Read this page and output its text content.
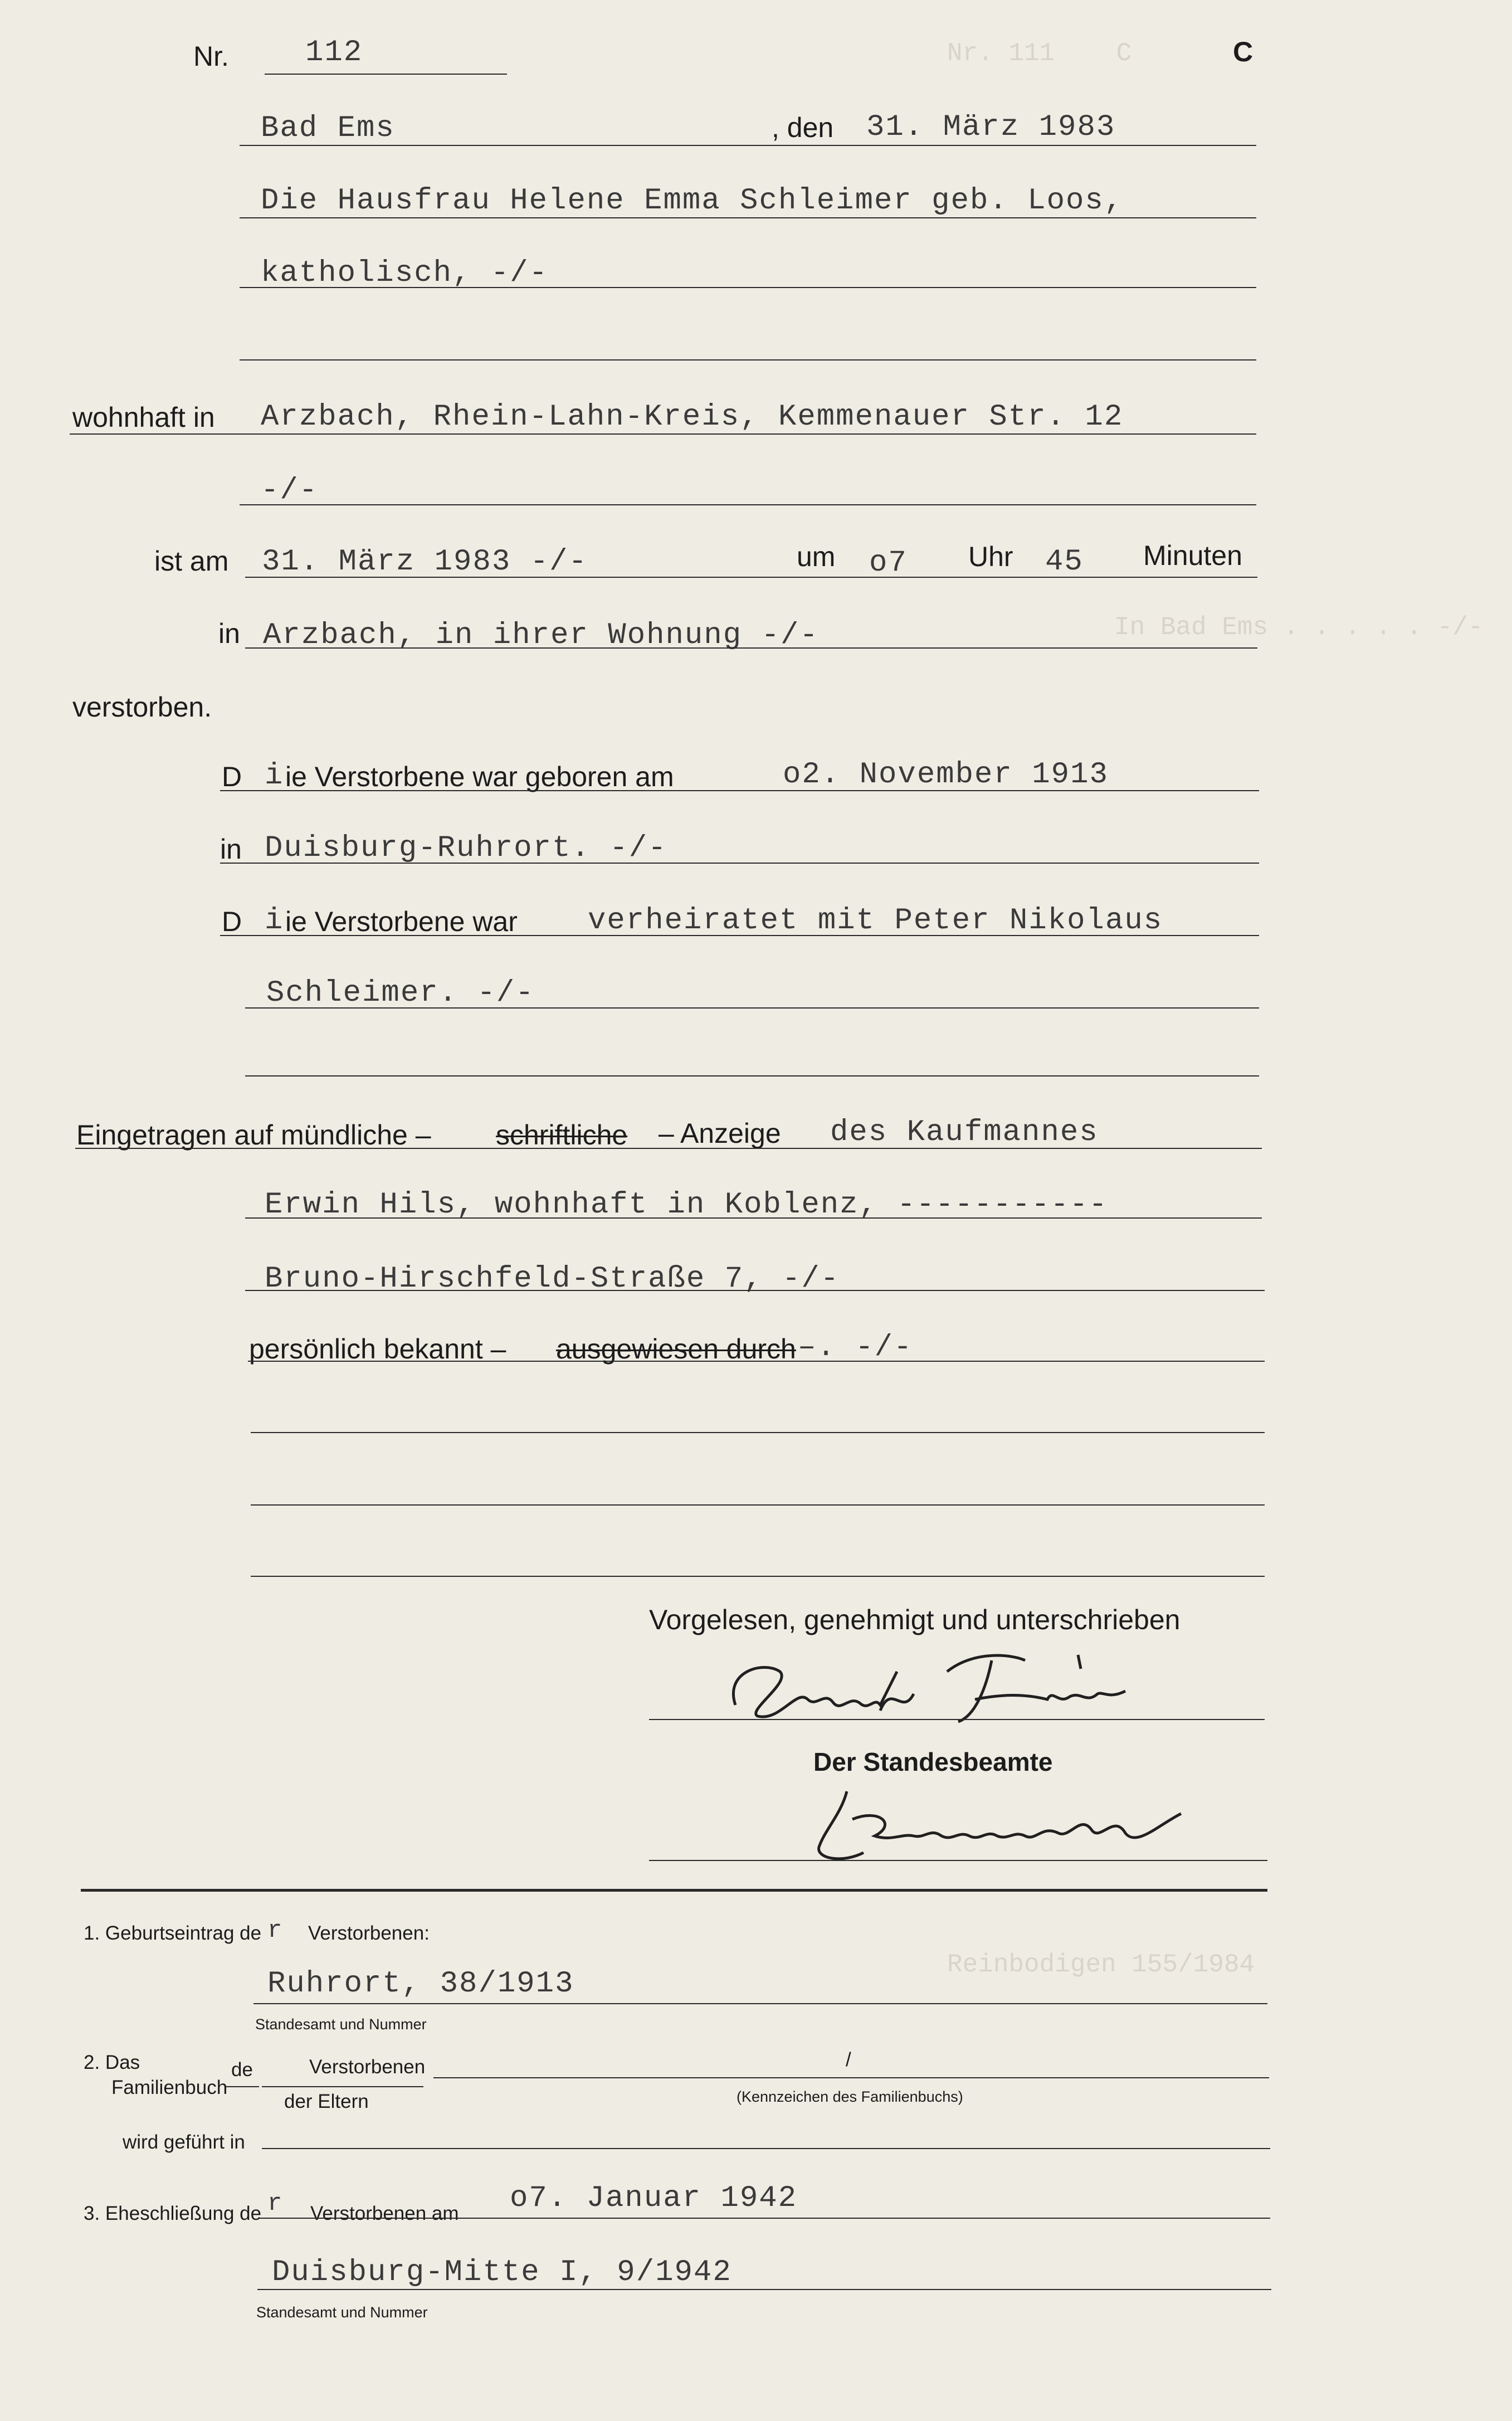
Nr. 111    C
In Bad Ems . . . . . -/-
Reinbodigen 155/1984
Nr.	112	C
Bad Ems	, den 31. März 1983
Die Hausfrau Helene Emma Schleimer geb. Loos,
katholisch, -/-
wohnhaft in Arzbach, Rhein-Lahn-Kreis, Kemmenauer Str. 12
-/-
ist am 31. März 1983 -/-	um o7 Uhr 45 Minuten
in Arzbach, in ihrer Wohnung -/-
verstorben.
D i ie Verstorbene war geboren am	o2. November 1913
in Duisburg-Ruhrort. -/-
D i ie Verstorbene war verheiratet mit Peter Nikolaus
Schleimer. -/-
Eingetragen auf mündliche – schriftliche – Anzeige des Kaufmannes
Erwin Hils, wohnhaft in Koblenz, -----------
Bruno-Hirschfeld-Straße 7, -/-
persönlich bekannt – ausgewiesen durch –. -/-
Vorgelesen, genehmigt und unterschrieben
Der Standesbeamte
1. Geburtseintrag de r Verstorbenen:
Ruhrort, 38/1913
Standesamt und Nummer
2. Das
Familienbuch
de	Verstorbenen
der Eltern
/
(Kennzeichen des Familienbuchs)
wird geführt in
3. Eheschließung de r Verstorbenen am o7. Januar 1942
Duisburg-Mitte I, 9/1942
Standesamt und Nummer
